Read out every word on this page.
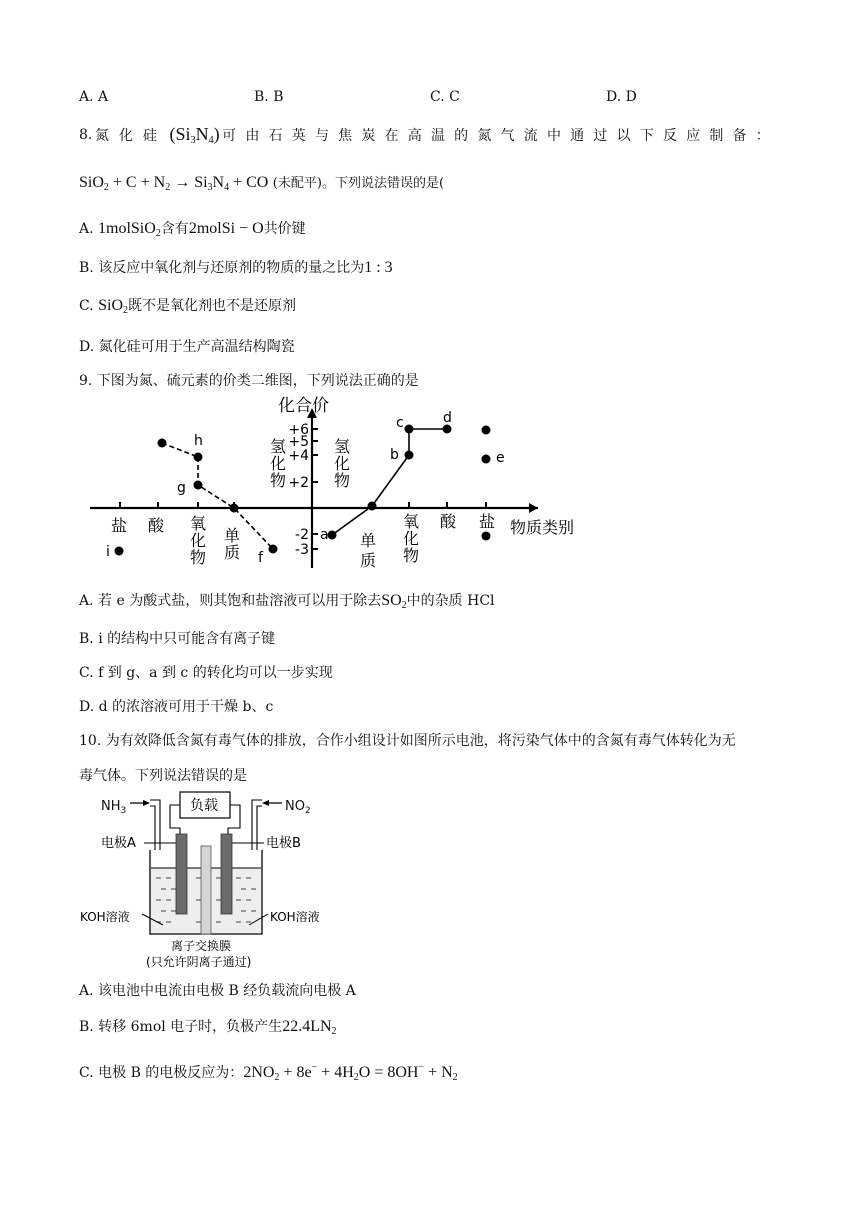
A. A	B. B	C. C	D. D
8. 氮化硅 $(Si_3N_4)$ 可由石英与焦炭在高温的氮气流中通过以下反应制备：
$SiO_2 + C + N_2 \to Si_3N_4$ + CO (未配平)。下列说法错误的是(
A. 1molSiO$_2$含有2molSi − O共价键
B. 该反应中氧化剂与还原剂的物质的量之比为1 : 3
C. SiO$_2$既不是氧化剂也不是还原剂
D. 氮化硅可用于生产高温结构陶瓷
9. 下图为氮、硫元素的价类二维图，下列说法正确的是
化合价
+6
+5
+4
+2
-2
-3
氢化物
氢化物
盐 酸 氧化物
单质
单质
氧化物
酸 盐 物质类别
a
b
c	d
e
f
g
h
i
A. 若 e 为酸式盐，则其饱和盐溶液可以用于除去$SO_2$中的杂质 HCl
B. i 的结构中只可能含有离子键
C. f 到 g、a 到 c 的转化均可以一步实现
D. d 的浓溶液可用于干燥 b、c
10. 为有效降低含氮有毒气体的排放，合作小组设计如图所示电池，将污染气体中的含氮有毒气体转化为无
毒气体。下列说法错误的是
$NH_3$	$NO_2$
负载
电极A	电极B
KOH溶液	KOH溶液
离子交换膜
(只允许阴离子通过)
A. 该电池中电流由电极 B 经负载流向电极 A
B. 转移 6mol 电子时，负极产生$22.4LN_2$
C. 电极 B 的电极反应为：$2NO_2 + 8e^- + 4H_2O = 8OH^- + N_2$
